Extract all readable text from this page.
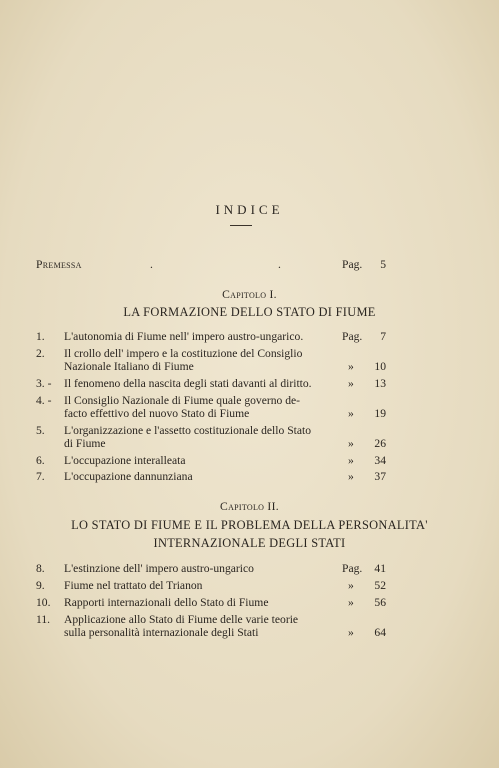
INDICE
Premessa	.	.	Pag.	5
Capitolo I.
LA FORMAZIONE DELLO STATO DI FIUME
1. L'autonomia di Fiume nell' impero austro-ungarico.	Pag.	7
2. Il crollo dell' impero e la costituzione del Consiglio
Nazionale Italiano di Fiume	»	10
3. - Il fenomeno della nascita degli stati davanti al diritto.	»	13
4. - Il Consiglio Nazionale di Fiume quale governo de-
facto effettivo del nuovo Stato di Fiume	»	19
5. L'organizzazione e l'assetto costituzionale dello Stato
di Fiume	»	26
6. L'occupazione interalleata	»	34
7. L'occupazione dannunziana	»	37
Capitolo II.
LO STATO DI FIUME E IL PROBLEMA DELLA PERSONALITA'
INTERNAZIONALE DEGLI STATI
8. L'estinzione dell' impero austro-ungarico	Pag.	41
9. Fiume nel trattato del Trianon	»	52
10. Rapporti internazionali dello Stato di Fiume	»	56
11. Applicazione allo Stato di Fiume delle varie teorie
sulla personalità internazionale degli Stati	»	64
